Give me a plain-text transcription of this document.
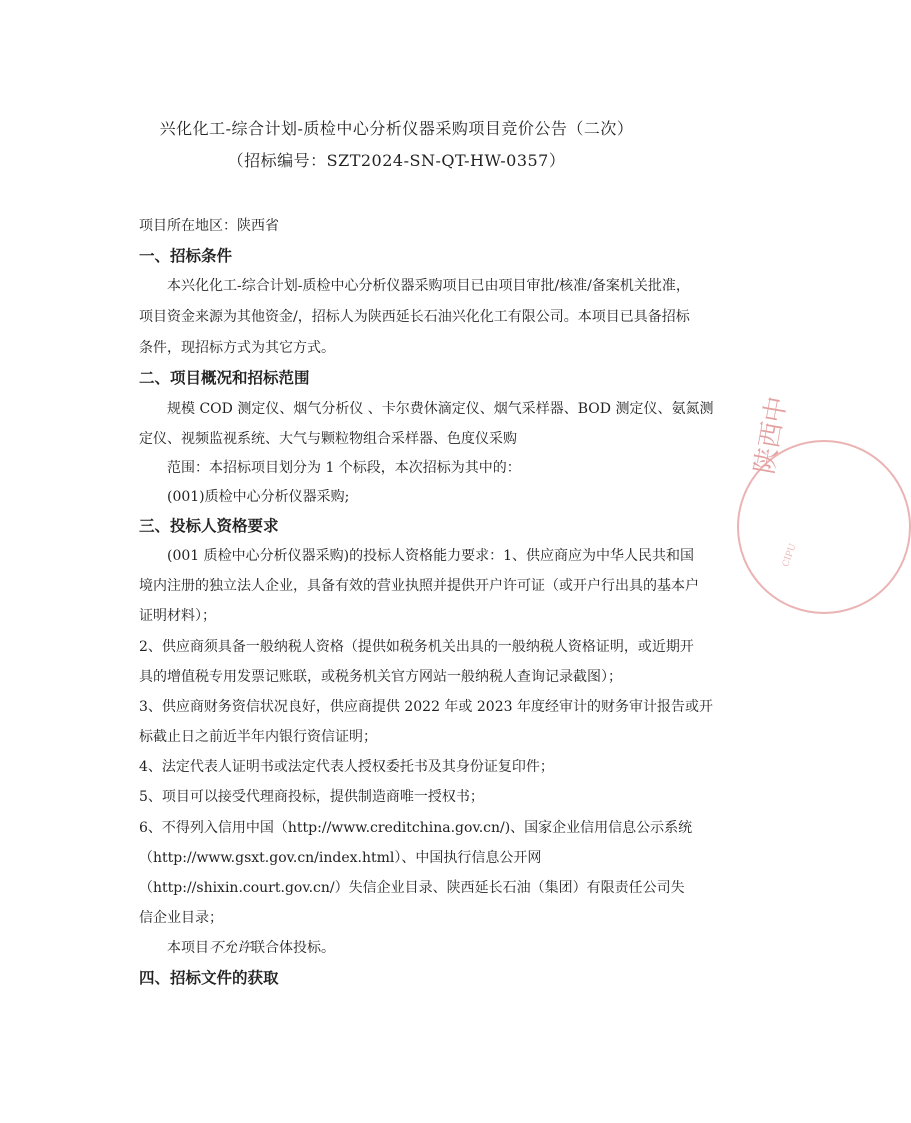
兴化化工-综合计划-质检中心分析仪器采购项目竞价公告（二次）
（招标编号：SZT2024-SN-QT-HW-0357）
项目所在地区：陕西省
一、招标条件
本兴化化工-综合计划-质检中心分析仪器采购项目已由项目审批/核准/备案机关批准，
项目资金来源为其他资金/，招标人为陕西延长石油兴化化工有限公司。本项目已具备招标
条件，现招标方式为其它方式。
二、项目概况和招标范围
规模 COD 测定仪、烟气分析仪 、卡尔费休滴定仪、烟气采样器、BOD 测定仪、氨氮测
定仪、视频监视系统、大气与颗粒物组合采样器、色度仪采购
范围：本招标项目划分为 1 个标段，本次招标为其中的：
(001)质检中心分析仪器采购;
三、投标人资格要求
(001 质检中心分析仪器采购)的投标人资格能力要求：1、供应商应为中华人民共和国
境内注册的独立法人企业，具备有效的营业执照并提供开户许可证（或开户行出具的基本户
证明材料）；
2、供应商须具备一般纳税人资格（提供如税务机关出具的一般纳税人资格证明，或近期开
具的增值税专用发票记账联，或税务机关官方网站一般纳税人查询记录截图）；
3、供应商财务资信状况良好，供应商提供 2022 年或 2023 年度经审计的财务审计报告或开
标截止日之前近半年内银行资信证明；
4、法定代表人证明书或法定代表人授权委托书及其身份证复印件；
5、项目可以接受代理商投标，提供制造商唯一授权书；
6、不得列入信用中国（http://www.creditchina.gov.cn/)、国家企业信用信息公示系统
（http://www.gsxt.gov.cn/index.html）、中国执行信息公开网
（http://shixin.court.gov.cn/）失信企业目录、陕西延长石油（集团）有限责任公司失
信企业目录；
本项目不允许联合体投标。
四、招标文件的获取
陕西中
CIPU
